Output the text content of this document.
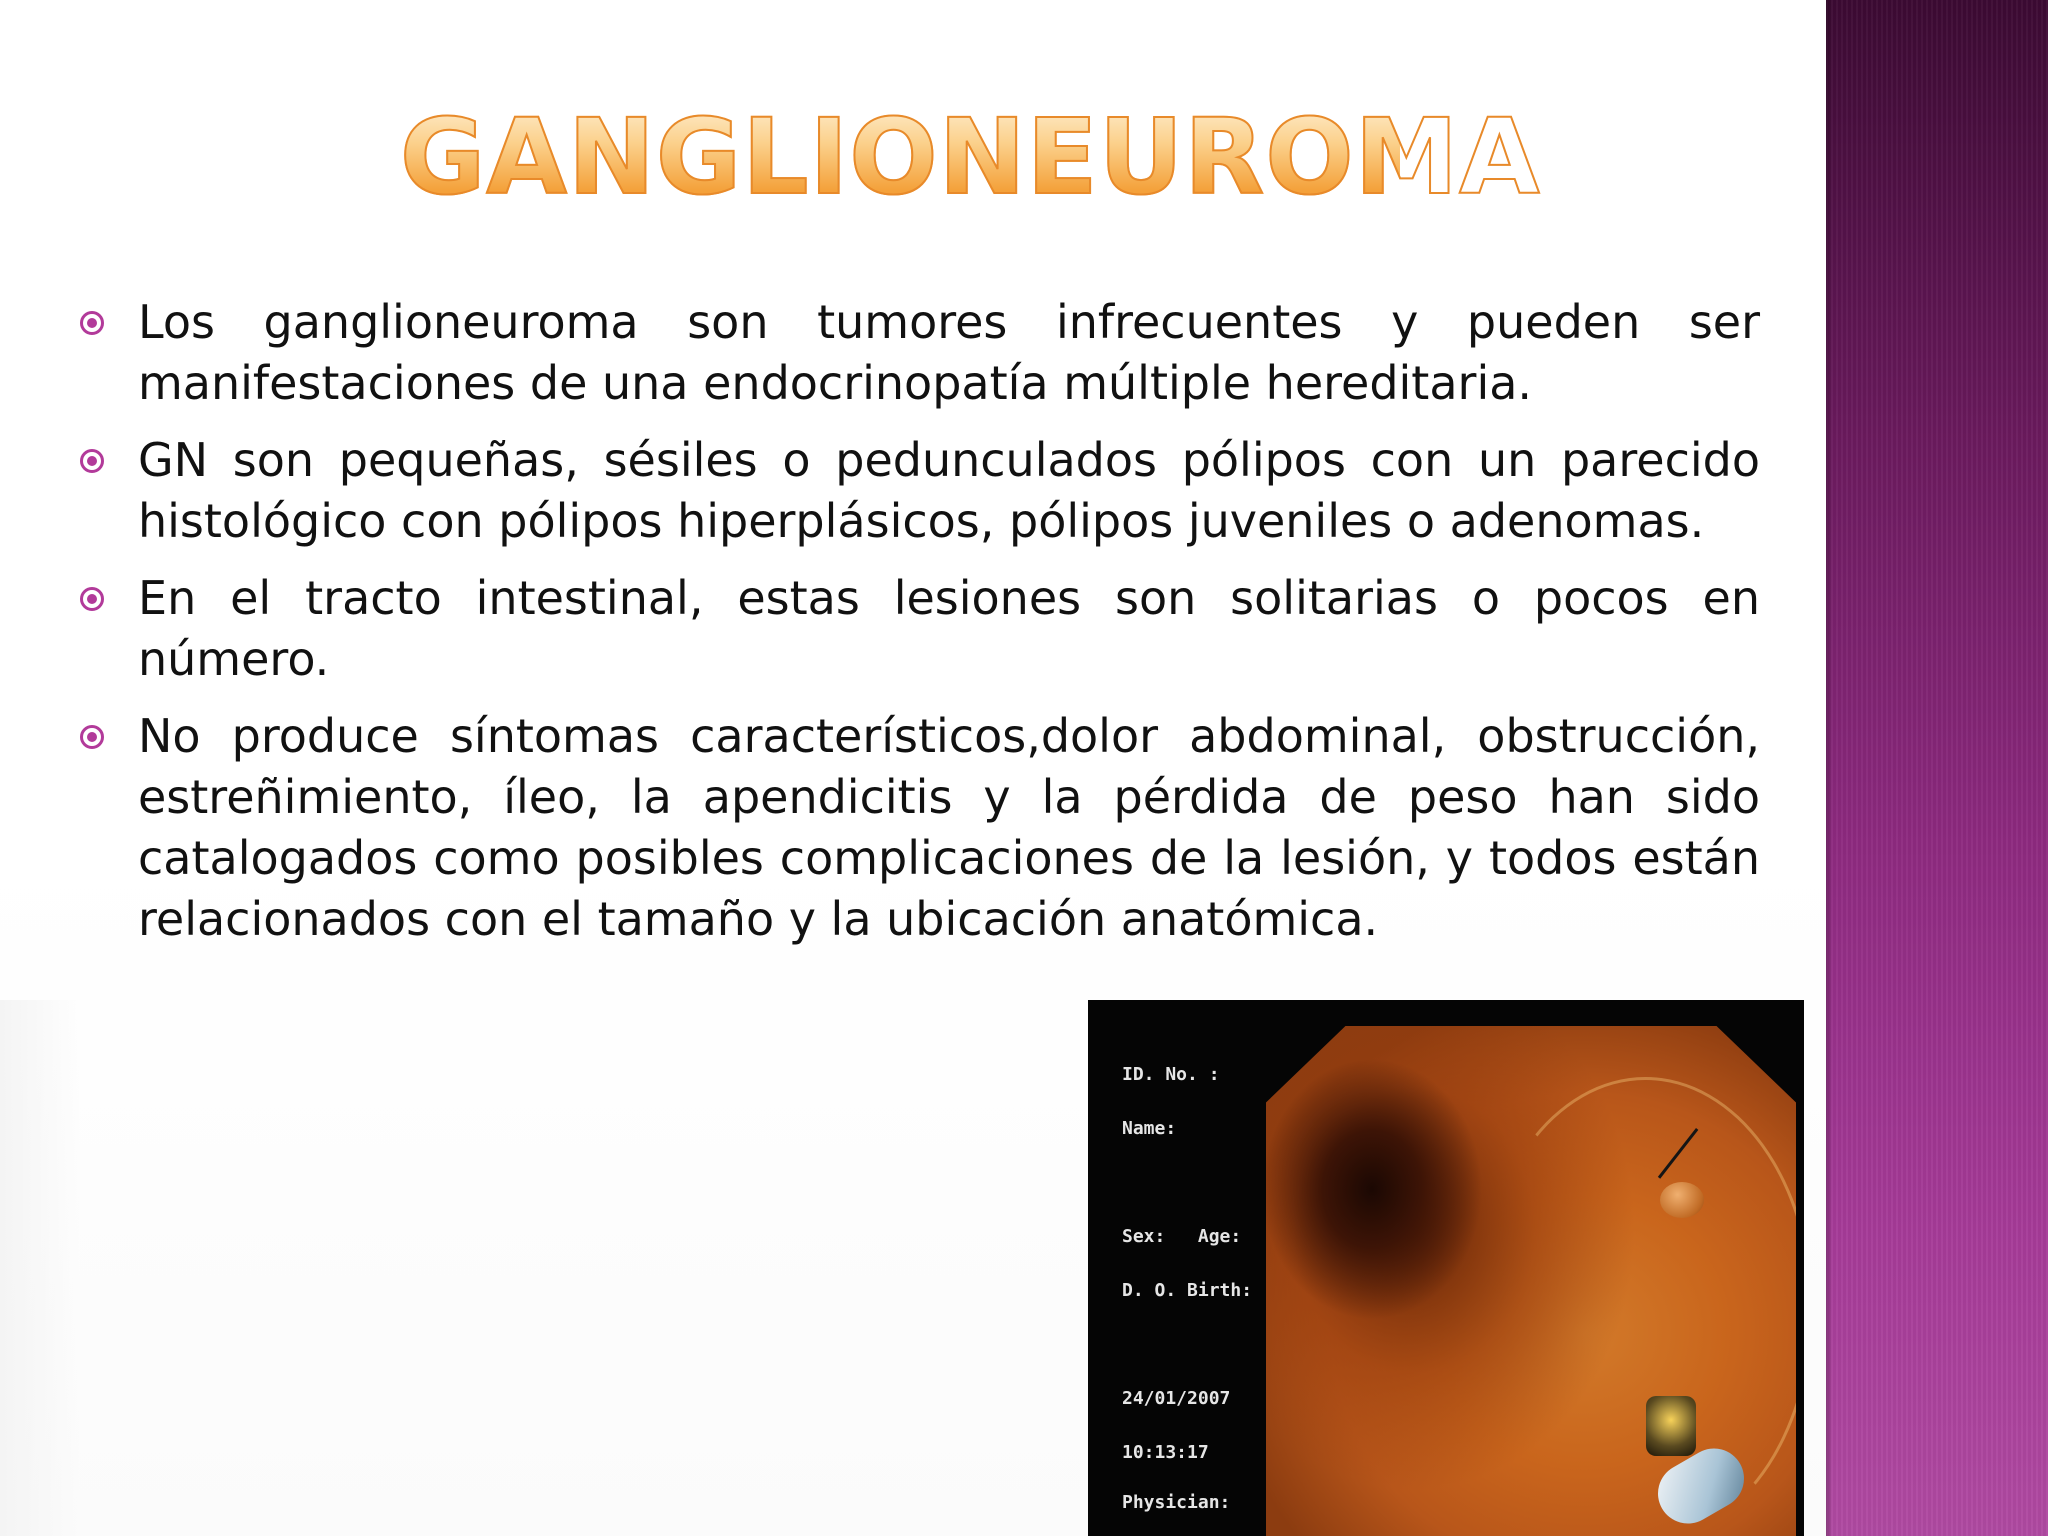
GANGLIONEUROMA
Los ganglioneuroma son tumores infrecuentes y pueden ser manifestaciones de una endocrinopatía múltiple hereditaria.
GN son pequeñas, sésiles o pedunculados pólipos con un parecido histológico con pólipos hiperplásicos, pólipos juveniles o adenomas.
En el tracto intestinal, estas lesiones son solitarias o pocos en número.
No produce síntomas característicos,dolor abdominal, obstrucción, estreñimiento, íleo, la apendicitis y la pérdida de peso han sido catalogados como posibles complicaciones de la lesión, y todos están relacionados con el tamaño y la ubicación anatómica.

ID. No. :

Name:

Sex:   Age:

D. O. Birth:

24/01/2007

10:13:17

Physician:
